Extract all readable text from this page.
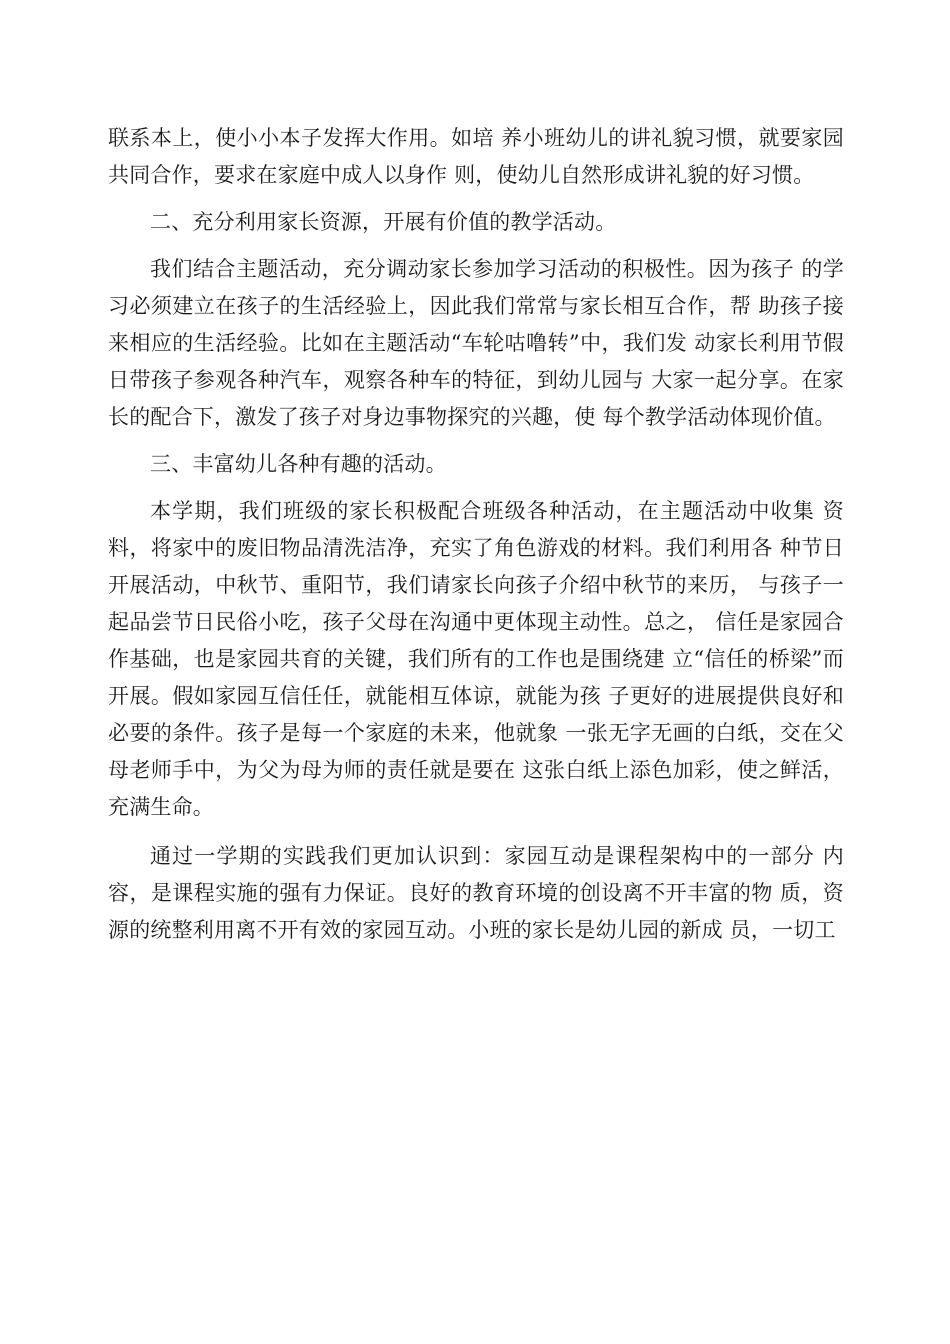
联系本上，使小小本子发挥大作用。如培 养小班幼儿的讲礼貌习惯，就要家园共同合作，要求在家庭中成人以身作 则，使幼儿自然形成讲礼貌的好习惯。

二、充分利用家长资源，开展有价值的教学活动。

我们结合主题活动，充分调动家长参加学习活动的积极性。因为孩子 的学习必须建立在孩子的生活经验上，因此我们常常与家长相互合作，帮 助孩子接来相应的生活经验。比如在主题活动“车轮咕噜转”中，我们发 动家长利用节假日带孩子参观各种汽车，观察各种车的特征，到幼儿园与 大家一起分享。在家长的配合下，激发了孩子对身边事物探究的兴趣，使 每个教学活动体现价值。

三、丰富幼儿各种有趣的活动。

本学期，我们班级的家长积极配合班级各种活动，在主题活动中收集 资料，将家中的废旧物品清洗洁净，充实了角色游戏的材料。我们利用各 种节日开展活动，中秋节、重阳节，我们请家长向孩子介绍中秋节的来历， 与孩子一起品尝节日民俗小吃，孩子父母在沟通中更体现主动性。总之， 信任是家园合作基础，也是家园共育的关键，我们所有的工作也是围绕建 立“信任的桥梁”而开展。假如家园互信任任，就能相互体谅，就能为孩 子更好的进展提供良好和必要的条件。孩子是每一个家庭的未来，他就象 一张无字无画的白纸，交在父母老师手中，为父为母为师的责任就是要在 这张白纸上添色加彩，使之鲜活，充满生命。

通过一学期的实践我们更加认识到：家园互动是课程架构中的一部分 内容，是课程实施的强有力保证。良好的教育环境的创设离不开丰富的物 质，资源的统整利用离不开有效的家园互动。小班的家长是幼儿园的新成 员，一切工
